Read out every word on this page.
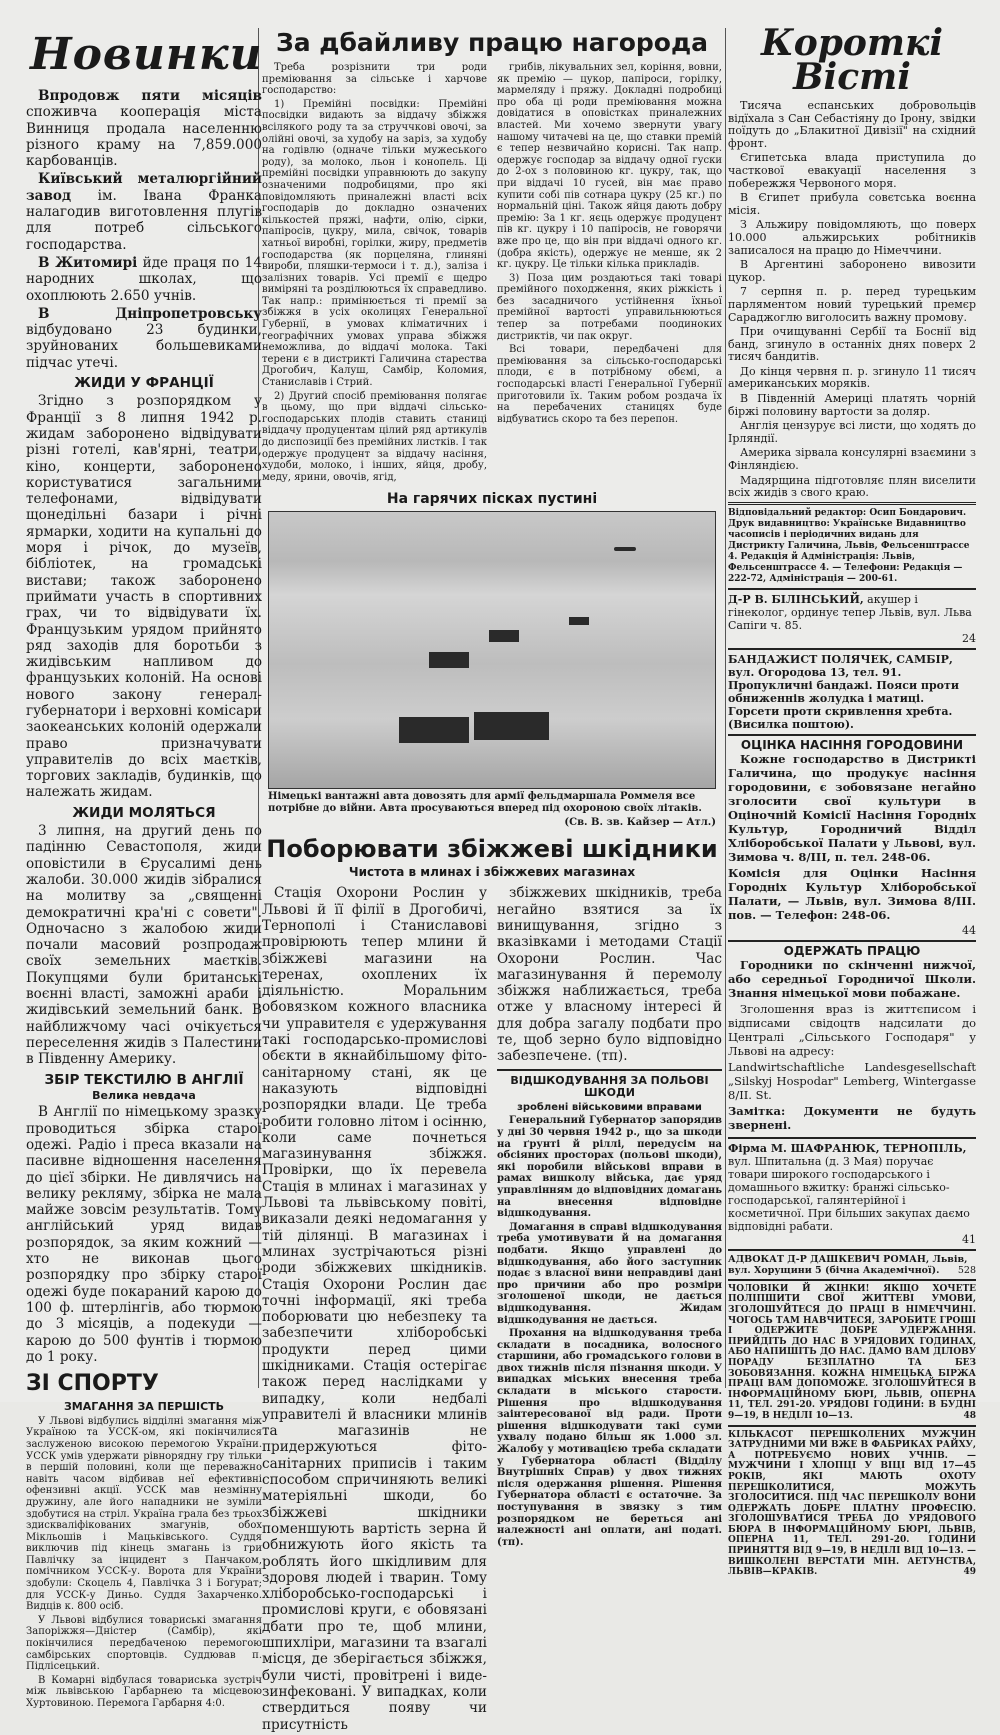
Новинки

Впродовж пяти місяців споживча кооперація міста Винниця продала населенню різного краму на 7,859.000 карбованців.

Київський металюргійний завод ім. Івана Франка налагодив виготовлення плугів для потреб сільського господарства.

В Житомирі йде праця по 14 народних школах, що охоплюють 2.650 учнів.

В Дніпропетровську відбудовано 23 будинки, зруйнованих большевиками підчас утечі.

ЖИДИ У ФРАНЦІЇ

Згідно з розпорядком у Франції з 8 липня 1942 р. жидам заборонено відвідувати різні готелі, кав'ярні, театри, кіно, концерти, заборонено користуватися загальними телефонами, відвідувати щонедільні базари і річні ярмарки, ходити на купальні до моря і річок, до музеїв, бібліотек, на громадські вистави; також заборонено приймати участь в спортивних грах, чи то відвідувати їх. Французьким урядом прийнято ряд заходів для боротьби з жидівським напливом до французьких колоній. На основі нового закону генерал-губернатори і верховні комісари заокеанських колоній одержали право призначувати управителів до всіх маєтків, торгових закладів, будинків, що належать жидам.

ЖИДИ МОЛЯТЬСЯ

3 липня, на другий день по падінню Севастополя, жиди оповістили в Єрусалимі день жалоби. 30.000 жидів зібралися на молитву за „священні демократичні кра'ні с совети". Одночасно з жалобою жиди почали масовий розпродаж своїх земельних маєтків. Покупцями були британські воєнні власті, заможні араби і жидівський земельний банк. В найближчому часі очікується переселення жидів з Палестини в Південну Америку.

ЗБІР ТЕКСТИЛЮ В АНГЛІЇ
Велика невдача

В Англії по німецькому зразку проводиться збірка старої одежі. Радіо і преса вказали на пасивне відношення населення до цієї збірки. Не дивлячись на велику рекляму, збірка не мала майже зовсім результатів. Тому англійський уряд видав розпорядок, за яким кожний — хто не виконав цього розпорядку про збірку старої одежі буде покараний карою до 100 ф. штерлінгів, або тюрмою до 3 місяців, а подекуди — карою до 500 фунтів і тюрмою до 1 року.

ЗІ СПОРТУ
ЗМАГАННЯ ЗА ПЕРШІСТЬ

У Львові відбулись відділні змагання між Україною та УССК-ом, які покінчилися заслуженою високою перемогою України. УССК умів удержати рівнорядну гру тільки в першій половині, коли ще переважно навіть часом відбивав неї ефективні офензивні акції. УССК мав незмінну дружину, але його нападники не зуміли здобутися на стріл. Україна грала без трьох здискваліфікованих змагунів, обох Мікльошів і Мацьківського. Суддя виключив під кінець змагань із гри Павлічку за інцидент з Панчаком, помічником УССК-у. Ворота для України здобули: Скоцель 4, Павлічка 3 і Богурат; для УССК-у Диньо. Суддя Захарченко. Видців к. 800 осіб.

У Львові відбулися товариські змагання Запоріжжя—Дністер (Самбір), які покінчилися передбаченою перемогою самбірських спортовців. Суддював п. Підлісецький.

В Комарні відбулася товариська зустріч між львівською Гарбарнею та місцевою Хуртовиною. Перемога Гарбарня 4:0.

За дбайливу працю нагорода

Треба розрізнити три роди преміювання за сільське і харчове господарство:

1) Премійні посвідки: Премійні посвідки видають за віддачу збіжжя всілякого роду та за струччкові овочі, за олійні овочі, за худобу на заріз, за худобу на годівлю (одначе тільки мужеського роду), за молоко, льон і конопель. Ці премійні посвідки управнюють до закупу означеними подробицями, про які повідомляють приналежні власті всіх господарів до докладно означених кількостей пряжі, нафти, олію, сірки, папіросів, цукру, мила, свічок, товарів хатньої виробні, горілки, жиру, предметів господарства (як порцеляна, глиняні вироби, пляшки-термоси і т. д.), заліза і залізних товарів. Усі премії є щедро виміряні та розділюються їх справедливо. Так напр.: примінюється ті премії за збіжжя в усіх околицях Генеральної Губернії, в умовах кліматичних і географічних умовах управа збіжжя неможлива, до віддачі молока. Такі терени є в дистрикті Галичина старества Дрогобич, Калуш, Самбір, Коломия, Станиславів і Стрий.

2) Другий спосіб преміювання полягає в цьому, що при віддачі сільсько-господарських плодів ставить станиці віддачу продуцентам цілий ряд артикулів до диспозиції без премійних листків. І так одержує продуцент за віддачу насіння, худоби, молоко, і інших, яйця, дробу, меду, ярини, овочів, ягід,

грибів, лікувальних зел, коріння, вовни, як премію — цукор, папіроси, горілку, мармеляду і пряжу. Докладні подробиці про оба ці роди преміювання можна довідатися в оповістках приналежних властей. Ми хочемо звернути увагу нашому читачеві на це, що ставки премій є тепер незвичайно корисні. Так напр. одержує господар за віддачу одної гуски до 2-ох з половиною кг. цукру, так, що при віддачі 10 гусей, він має право купити собі пів сотнара цукру (25 кг.) по нормальній ціні. Також яйця дають добру премію: За 1 кг. яєць одержує продуцент пів кг. цукру і 10 папіросів, не говорячи вже про це, що він при віддачі одного кг. (добра якість), одержує не менше, як 2 кг. цукру. Це тільки кілька прикладів.

3) Поза цим роздаються такі товарі премійного походження, яких ріжкість і без засадничого устійнення їхньої премійної вартості управильнюються тепер за потребами поодиноких дистриктів, чи пак округ.

Всі товари, передбачені для преміювання за сільсько-господарські плоди, є в потрібному обємі, а господарські власті Генеральної Губернії приготовили їх. Таким робом роздача їх на перебачених станицях буде відбуватись скоро та без перепон.

На гарячих пісках пустині
Німецькі вантажні авта довозять для армії фельдмаршала Роммеля все потрібне до війни. Авта просуваються вперед під охороною своїх літаків.
(Св. В. зв. Кайзер — Атл.)
Поборювати збіжжеві шкідники
Чистота в млинах і збіжжевих магазинах

Стація Охорони Рослин у Львові й її філії в Дрогобичі, Тернополі і Станиславові провірюють тепер млини й збіжжеві магазини на теренах, охоплених їх діяльністю. Моральним обовязком кожного власника чи управителя є удержування такі господарсько-промислові обєкти в якнайбільшому фіто-санітарному стані, як це наказують відповідні розпорядки влади. Це треба робити головно літом і осінню, коли саме почнеться магазинування збіжжя. Провірки, що їх перевела Стація в млинах і магазинах у Львові та львівському повіті, виказали деякі недомагання у тій ділянці. В магазинах і млинах зустрічаються різні роди збіжжевих шкідників. Стація Охорони Рослин дає точні інформації, які треба поборювати цю небезпеку та забезпечити хліборобські продукти перед цими шкідниками. Стація остерігає також перед наслідками у випадку, коли недбалі управителі й власники млинів та магазинів не придержуються фіто-санітарних приписів і таким способом спричиняють великі матеріяльні шкоди, бо збіжжеві шкідники поменшують вартість зерна й обнижують його якість та роблять його шкідливим для здоровя людей і тварин. Тому хліборобсько-господарські і промислові круги, є обовязані дбати про те, щоб млини, шпихліри, магазини та взагалі місця, де зберігається збіжжя, були чисті, провітрені і виде- зинфековані. У випадках, коли ствердиться появу чи присутність

збіжжевих шкідників, треба негайно взятися за їх винищування, згідно з вказівками і методами Стації Охорони Рослин. Час магазинування й перемолу збіжжя наближається, треба отже у власному інтересі й для добра загалу подбати про те, щоб зерно було відповідно забезпечене. (тп).

ВІДШКОДУВАННЯ ЗА ПОЛЬОВІ ШКОДИ
зроблені військовими вправами

Генеральний Губернатор запорядив у дні 30 червня 1942 р., що за шкоди на ґрунті й ріллі, передусім на обсіяних просторах (польові шкоди), які поробили військові вправи в рамах вишколу війська, дає уряд управлінням до відповідних домагань на внесення відповідне відшкодування.

Домагання в справі відшкодування треба умотивувати й на домагання подбати. Якщо управлені до відшкодування, або його заступник подає з власної вини неправдиві дані про причини або про розміри зголошеної шкоди, не дається відшкодування. Жидам відшкодування не дається.

Прохання на відшкодування треба складати в посадника, волосного старшини, або громадського голови в двох тижнів після пізнання шкоди. У випадках міських внесення треба складати в міського старости. Рішення про відшкодування заінтересованої від ради. Проти рішення відшкодувати такі суми ухвалу подано більш як 1.000 зл. Жалобу у мотивацією треба складати у Губернатора області (Відділу Внутрішніх Справ) у двох тижнях після одержання рішення. Рішення Губернатора області є остаточне. За поступування в звязку з тим розпорядком не береться ані належності ані оплати, ані податі. (тп).

Короткі
Вісті

Тисяча еспанських добровольців відїхала з Сан Себастіяну до Ірону, звідки поїдуть до „Блакитної Дивізії" на східний фронт.

Єгипетська влада приступила до часткової евакуації населення з побережжя Червоного моря.

В Єгипет прибула совєтська воєнна місія.

З Альжиру повідомляють, що поверх 10.000 альжирських робітників записалося на працю до Німеччини.

В Аргентині заборонено вивозити цукор.

7 серпня п. р. перед турецьким парляментом новий турецький премєр Сараджоглю виголосить важну промову.

При очищуванні Сербії та Боснії від банд, згинуло в останніх днях поверх 2 тисяч бандитів.

До кінця червня п. р. згинуло 11 тисяч американських моряків.

В Південній Америці платять чорній біржі половину вартости за доляр.

Англія цензурує всі листи, що ходять до Ірляндії.

Америка зірвала консулярні взаємини з Фінляндією.

Мадярщина підготовляє плян виселити всіх жидів з свого краю.

Відповідальний редактор: Осип Бондарович. Друк видавництво: Українське Видавництво часописів і періодичних видань для Дистрикту Галичина, Львів, Фельсенштрассе 4. Редакція й Адміністрація: Львів, Фельсенштрассе 4. — Телефони: Редакція — 222-72, Адміністрація — 200-61.
Д-Р В. БІЛІНСЬКИЙ, акушер і гінеколог, ординує тепер Львів, вул. Льва Сапіги ч. 85.
24
БАНДАЖИСТ ПОЛЯЧЕК, САМБІР, вул. Огородова 13, тел. 91. Пропукличні бандажі. Пояси проти обниженнів жолудка і матиці. Горсети проти скривлення хребта. (Висилка поштою).
ОЦІНКА НАСІННЯ ГОРОДОВИНИ

Кожне господарство в Дистрикті Галичина, що продукує насіння городовини, є зобовязане негайно зголосити свої культури в Оціночній Комісії Насіння Городніх Культур, Городничий Відділ Хліборобської Палати у Львові, вул. Зимова ч. 8/ІІІ, п. тел. 248-06.

Комісія для Оцінки Насіння Городніх Культур Хліборобської Палати, — Львів, вул. Зимова 8/ІІІ. пов. — Телефон: 248-06.

44
ОДЕРЖАТЬ ПРАЦЮ

Городники по скінченні нижчої, або середньої Городничої Школи. Знання німецької мови побажане.

Зголошення враз із життєписом і відписами свідоцтв надсилати до Централі „Сільського Господаря" у Львові на адресу:

Landwirtschaftliche Landesgesellschaft „Silskyj Hospodar" Lemberg, Wintergasse 8/II. St.

Замітка: Документи не будуть звернені.

Фірма М. ШАФРАНЮК, ТЕРНОПІЛЬ, вул. Шпитальна (д. 3 Мая) поручає товари широкого господарського і домашнього вжитку: бранжі сільсько-господарської, галянтерійної і косметичної. При більших закупах даємо відповідні рабати.
41
АДВОКАТ Д-Р ДАШКЕВИЧ РОМАН, Львів, вул. Хорущини 5 (бічна Академічної). 528
ЧОЛОВІКИ Й ЖІНКИ! ЯКЩО ХОЧЕТЕ ПОЛІПШИТИ СВОЇ ЖИТТЕВІ УМОВИ, ЗГОЛОШУЙТЕСЯ ДО ПРАЦІ В НІМЕЧЧИНІ. ЧОГОСЬ ТАМ НАВЧИТЕСЯ, ЗАРОБИТЕ ГРОШІ І ОДЕРЖИТЕ ДОБРЕ УДЕРЖАННЯ. ПРИЙДІТЬ ДО НАС В УРЯДОВИХ ГОДИНАХ, АБО НАПИШІТЬ ДО НАС. ДАМО ВАМ ДІЛОВУ ПОРАДУ БЕЗПЛАТНО ТА БЕЗ ЗОБОВЯЗАННЯ. КОЖНА НІМЕЦЬКА БІРЖА ПРАЦІ ВАМ ДОПОМОЖЕ. ЗГОЛОШУЙТЕСЯ В ІНФОРМАЦІЙНОМУ БЮРІ, ЛЬВІВ, ОПЕРНА 11, ТЕЛ. 291-20. УРЯДОВІ ГОДИНИ: В БУДНІ 9—19, В НЕДІЛІ 10—13.	48
КІЛЬКАСОТ ПЕРЕШКОЛЕНИХ МУЖЧИН ЗАТРУДНИМИ МИ ВЖЕ В ФАБРИКАХ РАЙХУ, А ПОТРЕБУЄМО НОВИХ УЧНІВ. — МУЖЧИНИ І ХЛОПЦІ У ВІЦІ ВІД 17—45 РОКІВ, ЯКІ МАЮТЬ ОХОТУ ПЕРЕШКОЛИТИСЯ, МОЖУТЬ ЗГОЛОСИТИСЯ. ПІД ЧАС ПЕРЕШКОЛУ ВОНИ ОДЕРЖАТЬ ДОБРЕ ПЛАТНУ ПРОФЕСІЮ. ЗГОЛОШУВАТИСЯ ТРЕБА ДО УРЯДОВОГО БЮРА В ІНФОРМАЦІЙНОМУ БЮРІ, ЛЬВІВ, ОПЕРНА 11, ТЕЛ. 291-20. ГОДИНИ ПРИНЯТТЯ ВІД 9—19, В НЕДІЛІ ВІД 10—13. — ВИШКОЛЕНІ ВЕРСТАТИ МІН. АЕТУНСТВА, ЛЬВІВ—КРАКІВ.	49
